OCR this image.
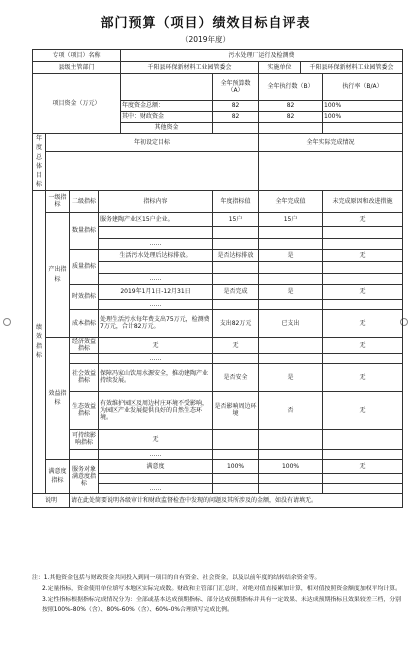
部门预算（项目）绩效目标自评表
（2019年度）
专项（项目）名称				污水处理厂运行及检测费				
县级主管部门				千阳县环保新材料工业园管委会		实施单位	千阳县环保新材料工业园管委会	
项目资金（万元）					全年预算数（A）	全年执行数（B）		执行率（B/A）
				年度资金总额：	82	82		100%
				其中：财政资金	82	82		100%
				其他资金				
年度总体目标	年初设定目标					全年实际完成情况		

绩效指标	一级指标	二级指标	指标内容		年度指标值	全年完成值		未完成原因和改进措施
	产出指标	数量指标	服务建陶产业区15户企业。		15户	15户		无

			……					
		质量指标	生活污水处理后达标排放。		是否达标排放	是		无

			……					
		时效指标	2019年1月1日-12月31日		是否完成	是		无
			……					
		成本指标	处理生活污水每年费支出75万元，检测费7万元，合计82万元。		支出82万元	已支出		无
	效益指标	经济效益指标	无		无			无
			……					
		社会效益指标	保障冯家山饮用水源安全，推动建陶产业持续发展。		是否安全	是		无
		生态效益指标	有效维护园区及周边村庄环境不受影响，为园区产业发展提供良好的自然生态环境。		是否影响周边环境	否		无
		可持续影响指标	无					
			……					
	满意度指标	服务对象满意度指标	满意度		100%	100%		无

			……					
说明		请在此处简要说明各级审计和财政监督检查中发现的问题及其所涉及的金额，如没有请填无。						
注：1.其他资金包括与财政资金共同投入到同一项目的自有资金、社会资金，以及以前年度的结转结余资金等。
2.定量指标，资金使用单位填写本地区实际完成数。财政和主管部门汇总时，对绝对值直接累加计算，相对值按照资金额度加权平均计算。
3.定性指标根据指标完成情况分为：全部或基本达成预期指标、部分达成预期指标并具有一定效果、未达成预期指标且效果较差三档，分别按照100%-80%（含）、80%-60%（含）、60%-0%合理填写完成比例。
